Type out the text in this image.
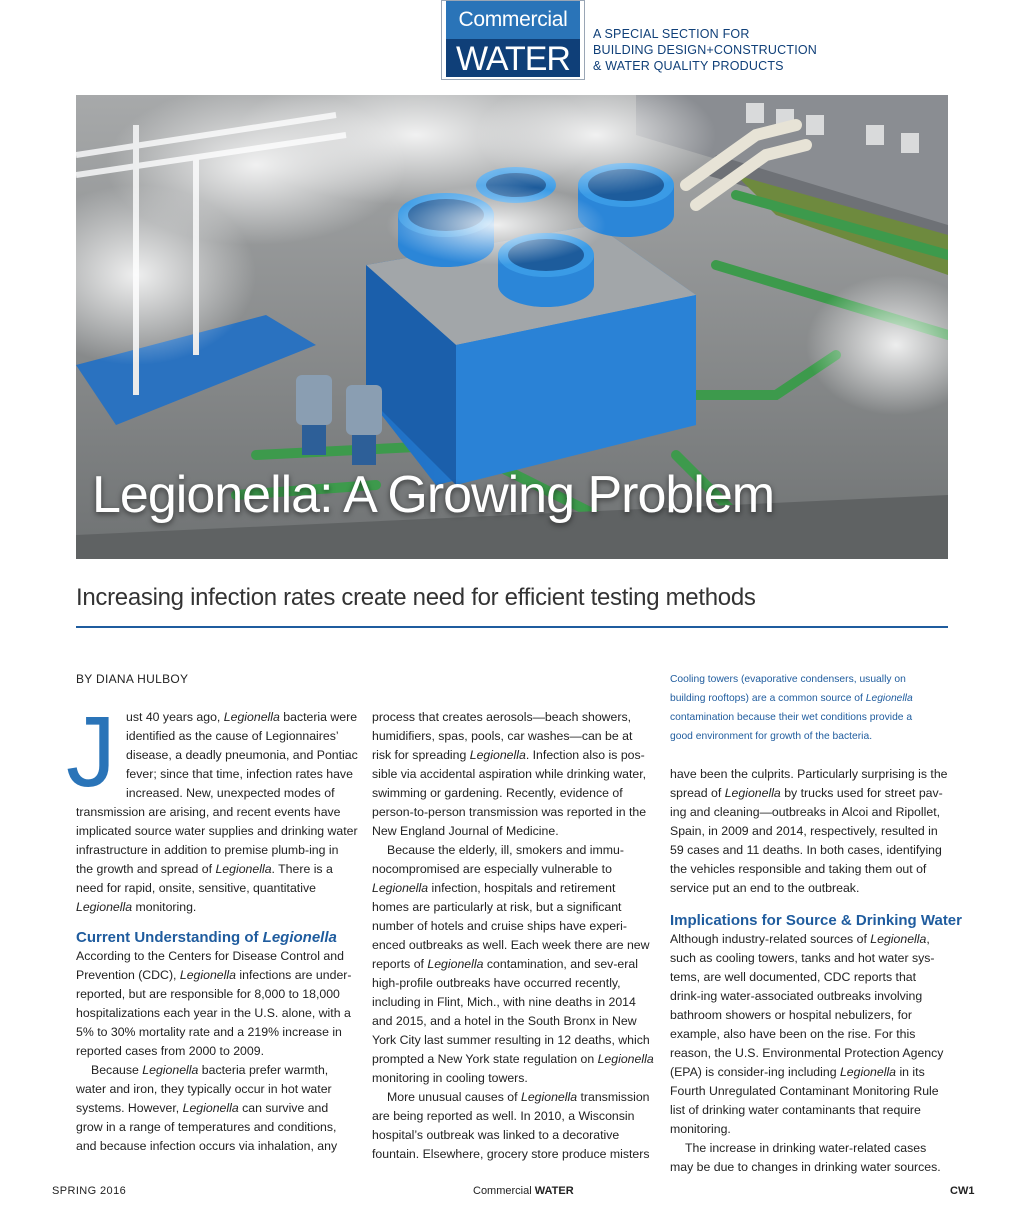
Commercial
WATER
A SPECIAL SECTION FOR
BUILDING DESIGN+CONSTRUCTION
& WATER QUALITY PRODUCTS
Legionella: A Growing Problem
Increasing infection rates create need for efficient testing methods
BY DIANA HULBOY
J ust 40 years ago, Legionella bacteria were identified as the cause of Legionnaires’ disease, a deadly pneumonia, and Pontiac fever; since that time, infection rates have increased. New, unexpected modes of transmission are arising, and recent events have implicated source water supplies and drinking water infrastructure in addition to premise plumb-ing in the growth and spread of Legionella. There is a need for rapid, onsite, sensitive, quantitative Legionella monitoring.

Current Understanding of Legionella

According to the Centers for Disease Control and Prevention (CDC), Legionella infections are under-reported, but are responsible for 8,000 to 18,000 hospitalizations each year in the U.S. alone, with a 5% to 30% mortality rate and a 219% increase in reported cases from 2000 to 2009.

Because Legionella bacteria prefer warmth, water and iron, they typically occur in hot water systems. However, Legionella can survive and grow in a range of temperatures and conditions, and because infection occurs via inhalation, any

process that creates aerosols—beach showers, humidifiers, spas, pools, car washes—can be at risk for spreading Legionella. Infection also is pos-sible via accidental aspiration while drinking water, swimming or gardening. Recently, evidence of person-to-person transmission was reported in the New England Journal of Medicine.

Because the elderly, ill, smokers and immu-nocompromised are especially vulnerable to Legionella infection, hospitals and retirement homes are particularly at risk, but a significant number of hotels and cruise ships have experi-enced outbreaks as well. Each week there are new reports of Legionella contamination, and sev-eral high-profile outbreaks have occurred recently, including in Flint, Mich., with nine deaths in 2014 and 2015, and a hotel in the South Bronx in New York City last summer resulting in 12 deaths, which prompted a New York state regulation on Legionella monitoring in cooling towers.

More unusual causes of Legionella transmission are being reported as well. In 2010, a Wisconsin hospital’s outbreak was linked to a decorative fountain. Elsewhere, grocery store produce misters

Cooling towers (evaporative condensers, usually on building rooftops) are a common source of Legionella contamination because their wet conditions provide a good environment for growth of the bacteria.

have been the culprits. Particularly surprising is the spread of Legionella by trucks used for street pav-ing and cleaning—outbreaks in Alcoi and Ripollet, Spain, in 2009 and 2014, respectively, resulted in 59 cases and 11 deaths. In both cases, identifying the vehicles responsible and taking them out of service put an end to the outbreak.

Implications for Source & Drinking Water

Although industry-related sources of Legionella, such as cooling towers, tanks and hot water sys-tems, are well documented, CDC reports that drink-ing water-associated outbreaks involving bathroom showers or hospital nebulizers, for example, also have been on the rise. For this reason, the U.S. Environmental Protection Agency (EPA) is consider-ing including Legionella in its Fourth Unregulated Contaminant Monitoring Rule list of drinking water contaminants that require monitoring.

The increase in drinking water-related cases may be due to changes in drinking water sources.

SPRING 2016	Commercial WATER	CW1
